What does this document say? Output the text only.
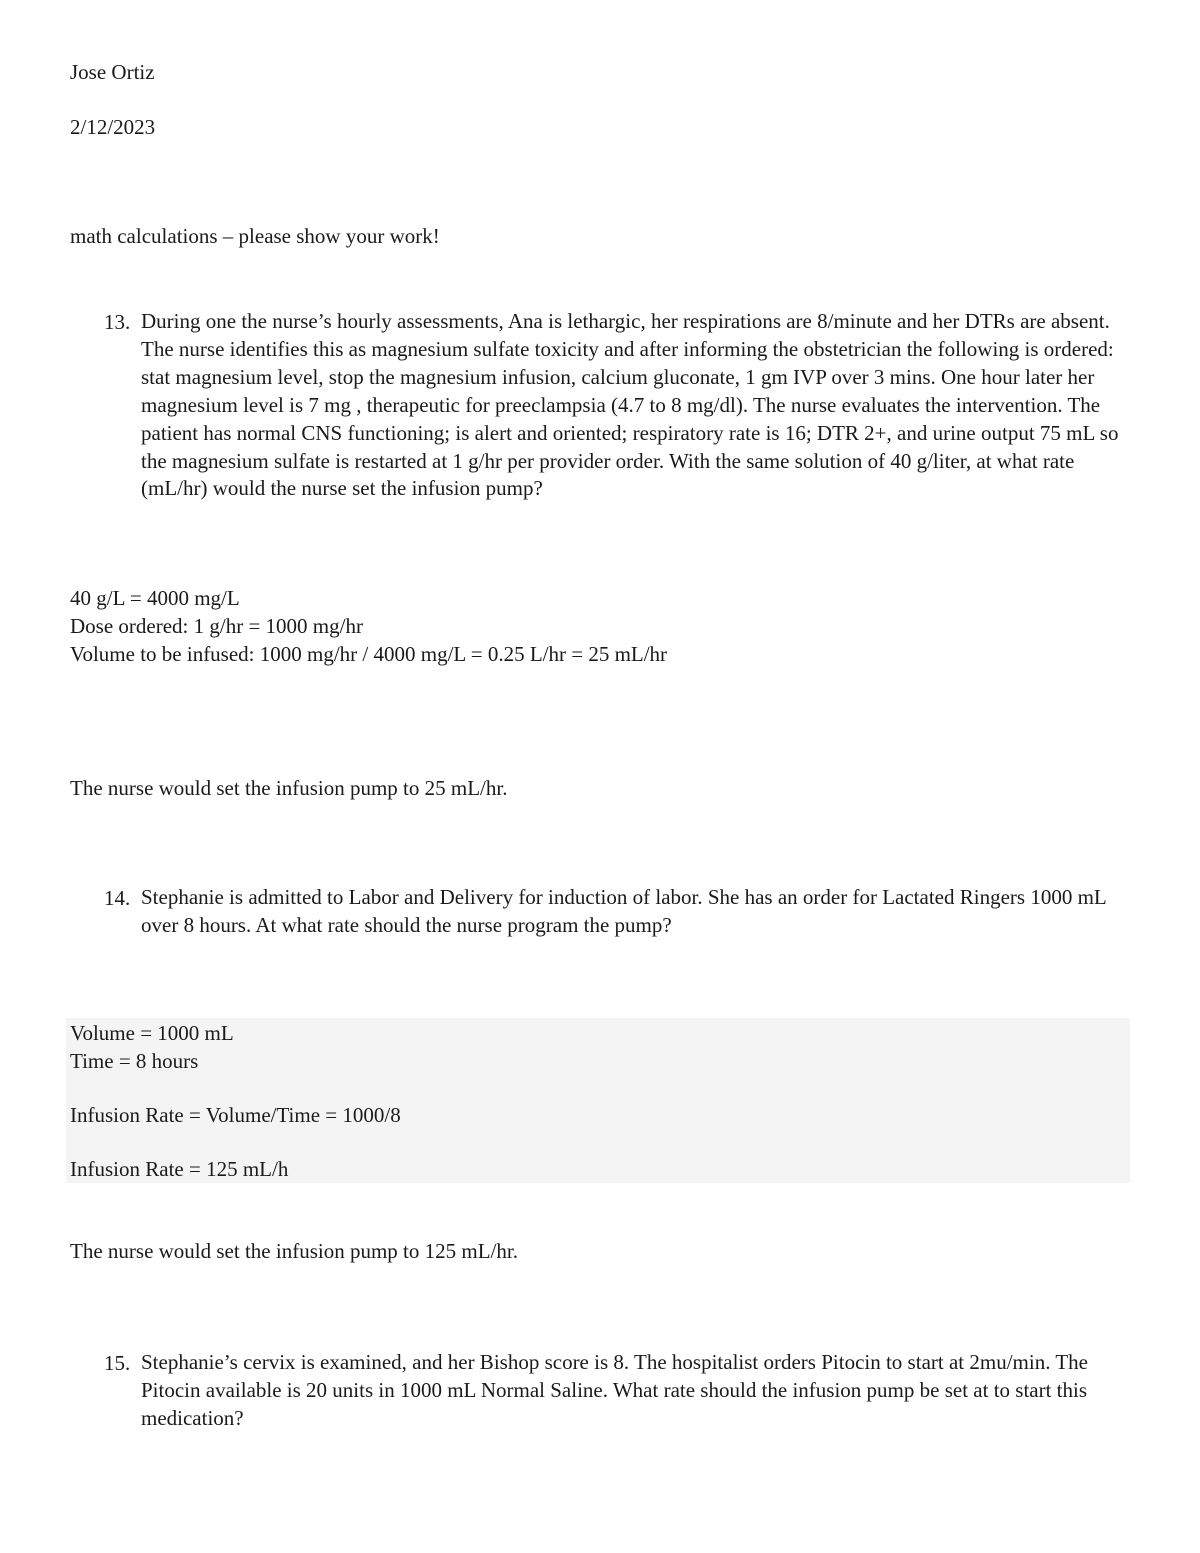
Jose Ortiz
2/12/2023
math calculations – please show your work!
13. During one the nurse’s hourly assessments, Ana is lethargic, her respirations are 8/minute and her DTRs are absent. The nurse identifies this as magnesium sulfate toxicity and after informing the obstetrician the following is ordered: stat magnesium level, stop the magnesium infusion, calcium gluconate, 1 gm IVP over 3 mins. One hour later her magnesium level is 7 mg , therapeutic for preeclampsia (4.7 to 8 mg/dl). The nurse evaluates the intervention. The patient has normal CNS functioning; is alert and oriented; respiratory rate is 16; DTR 2+, and urine output 75 mL so the magnesium sulfate is restarted at 1 g/hr per provider order. With the same solution of 40 g/liter, at what rate (mL/hr) would the nurse set the infusion pump?
40 g/L = 4000 mg/L
Dose ordered: 1 g/hr = 1000 mg/hr
Volume to be infused: 1000 mg/hr / 4000 mg/L = 0.25 L/hr = 25 mL/hr
The nurse would set the infusion pump to 25 mL/hr.
14. Stephanie is admitted to Labor and Delivery for induction of labor. She has an order for Lactated Ringers 1000 mL over 8 hours. At what rate should the nurse program the pump?
Volume = 1000 mL
Time = 8 hours
Infusion Rate = Volume/Time = 1000/8
Infusion Rate = 125 mL/h
The nurse would set the infusion pump to 125 mL/hr.
15. Stephanie’s cervix is examined, and her Bishop score is 8. The hospitalist orders Pitocin to start at 2mu/min. The Pitocin available is 20 units in 1000 mL Normal Saline. What rate should the infusion pump be set at to start this medication?
